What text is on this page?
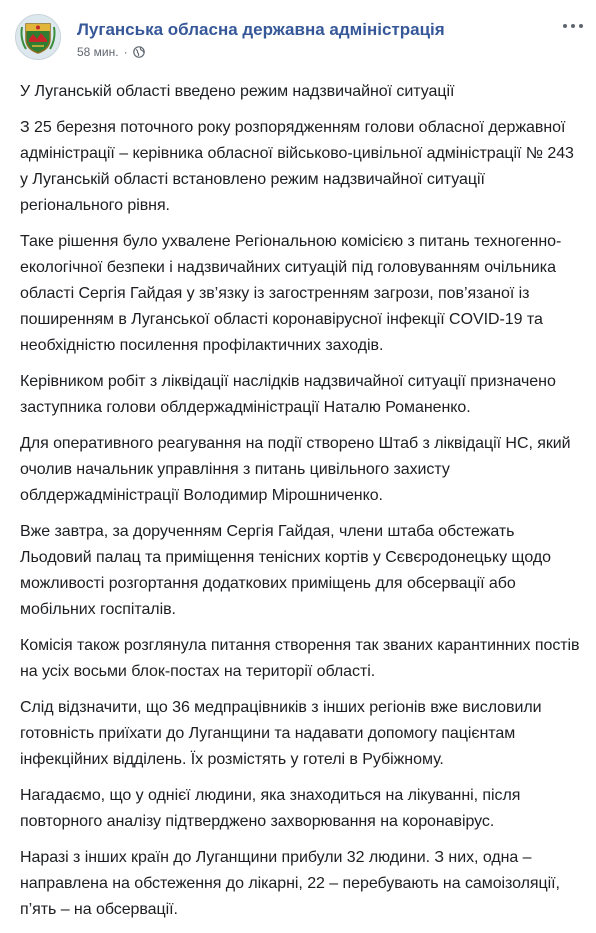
Луганська обласна державна адміністрація
58 мин. ·

У Луганській області введено режим надзвичайної ситуації

З 25 березня поточного року розпорядженням голови обласної державної адміністрації – керівника обласної військово-цивільної адміністрації № 243 у Луганській області встановлено режим надзвичайної ситуації регіонального рівня.

Таке рішення було ухвалене Регіональною комісією з питань техногенно-екологічної безпеки і надзвичайних ситуацій під головуванням очільника області Сергія Гайдая у зв’язку із загостренням загрози, пов’язаної із поширенням в Луганської області коронавірусної інфекції COVID-19 та необхідністю посилення профілактичних заходів.

Керівником робіт з ліквідації наслідків надзвичайної ситуації призначено заступника голови облдержадміністрації Наталю Романенко.

Для оперативного реагування на події створено Штаб з ліквідації НС, який очолив начальник управління з питань цивільного захисту облдержадміністрації Володимир Мірошниченко.

Вже завтра, за дорученням Сергія Гайдая, члени штаба обстежать Льодовий палац та приміщення тенісних кортів у Сєвєродонецьку щодо можливості розгортання додаткових приміщень для обсервації або мобільних госпіталів.

Комісія також розглянула питання створення так званих карантинних постів на усіх восьми блок-постах на території області.

Слід відзначити, що 36 медпрацівників з інших регіонів вже висловили готовність приїхати до Луганщини та надавати допомогу пацієнтам інфекційних відділень. Їх розмістять у готелі в Рубіжному.

Нагадаємо, що у однієї людини, яка знаходиться на лікуванні, після повторного аналізу підтверджено захворювання на коронавірус.

Наразі з інших країн до Луганщини прибули 32 людини. З них, одна – направлена на обстеження до лікарні, 22 – перебувають на самоізоляції, п’ять – на обсервації.
